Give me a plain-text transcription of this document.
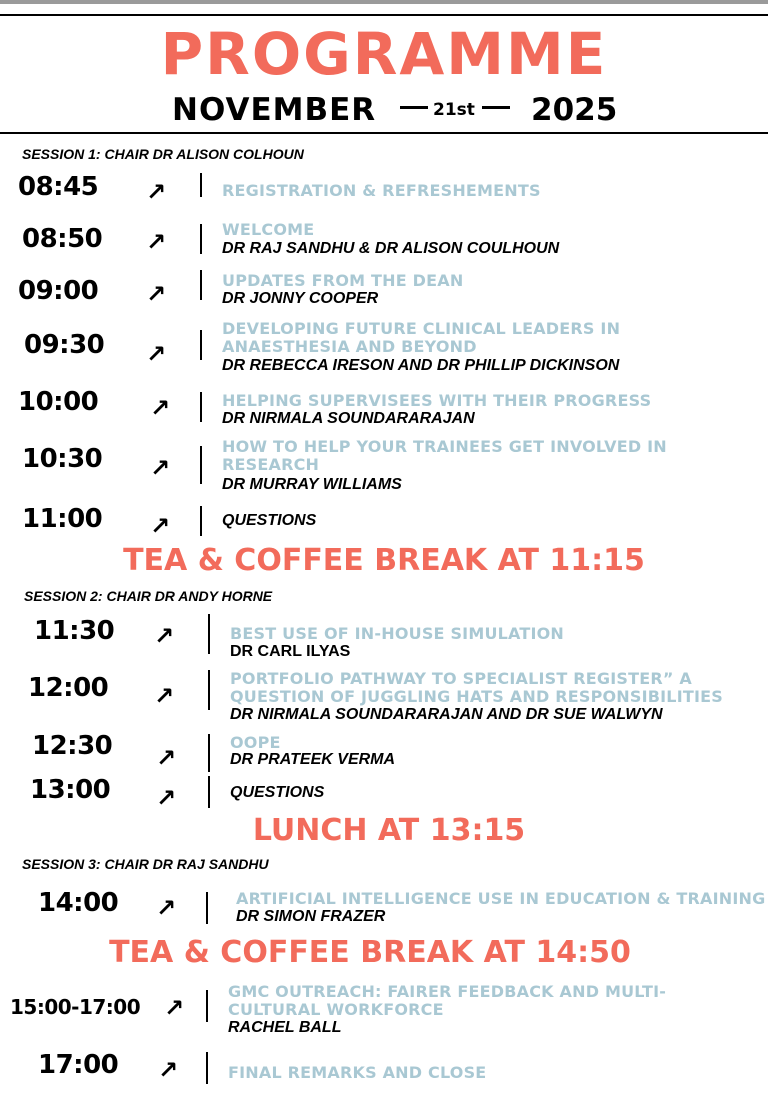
PROGRAMME
NOVEMBER	21st 2025
SESSION 1: CHAIR DR ALISON COLHOUN
08:45 ↗	REGISTRATION & REFRESHEMENTS
08:50 ↗	WELCOME
DR RAJ SANDHU & DR ALISON COULHOUN
09:00 ↗	UPDATES FROM THE DEAN
DR JONNY COOPER
09:30 ↗
DEVELOPING FUTURE CLINICAL LEADERS IN ANAESTHESIA AND BEYOND
DR REBECCA IRESON AND DR PHILLIP DICKINSON
10:00 ↗	HELPING SUPERVISEES WITH THEIR PROGRESS
DR NIRMALA SOUNDARARAJAN
10:30 ↗
HOW TO HELP YOUR TRAINEES GET INVOLVED IN RESEARCH
DR MURRAY WILLIAMS
11:00 ↗	QUESTIONS
TEA & COFFEE BREAK AT 11:15
SESSION 2: CHAIR DR ANDY HORNE
11:30 ↗	BEST USE OF IN-HOUSE SIMULATION
DR CARL ILYAS
12:00 ↗
PORTFOLIO PATHWAY TO SPECIALIST REGISTER” A QUESTION OF JUGGLING HATS AND RESPONSIBILITIES
DR NIRMALA SOUNDARARAJAN AND DR SUE WALWYN
12:30 ↗
OOPE
DR PRATEEK VERMA
13:00 ↗	QUESTIONS
LUNCH AT 13:15
SESSION 3: CHAIR DR RAJ SANDHU
14:00 ↗	ARTIFICIAL INTELLIGENCE USE IN EDUCATION & TRAINING
DR SIMON FRAZER
TEA & COFFEE BREAK AT 14:50
15:00-17:00 ↗
GMC OUTREACH: FAIRER FEEDBACK AND MULTI-CULTURAL WORKFORCE
RACHEL BALL
17:00 ↗	FINAL REMARKS AND CLOSE
